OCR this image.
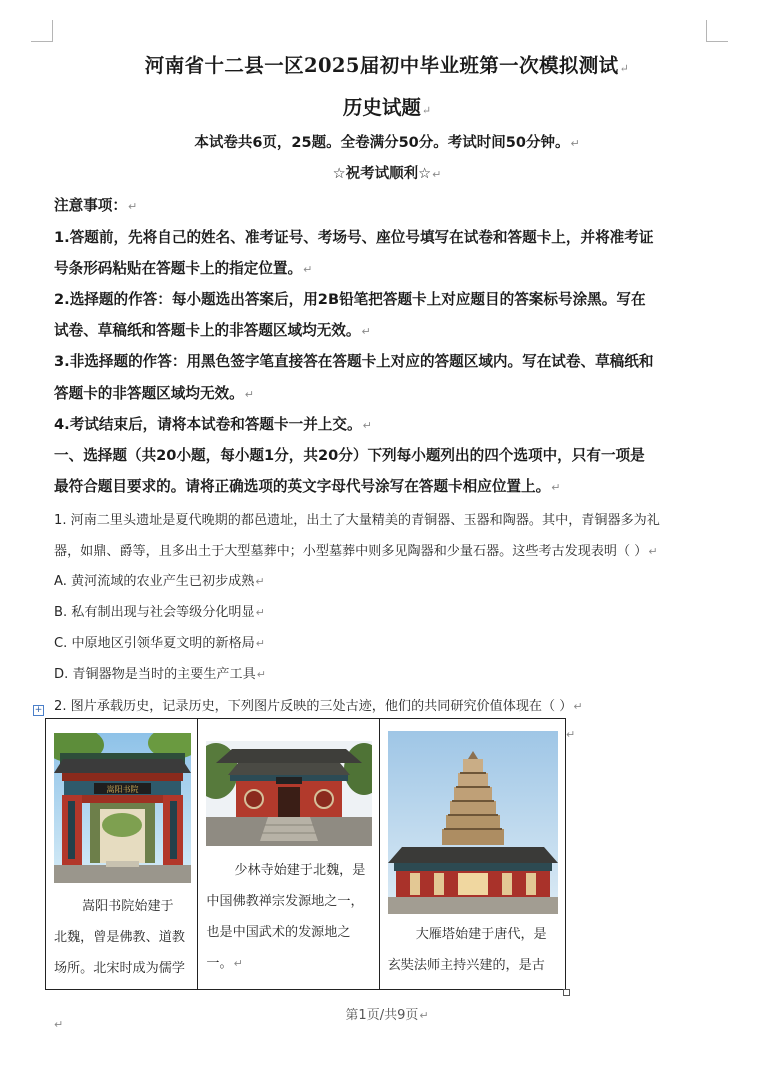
河南省十二县一区2025届初中毕业班第一次模拟测试↵
历史试题↵
本试卷共6页，25题。全卷满分50分。考试时间50分钟。↵
☆祝考试顺利☆↵
注意事项：↵
1.答题前，先将自己的姓名、准考证号、考场号、座位号填写在试卷和答题卡上，并将准考证
号条形码粘贴在答题卡上的指定位置。↵
2.选择题的作答：每小题选出答案后，用2B铅笔把答题卡上对应题目的答案标号涂黑。写在
试卷、草稿纸和答题卡上的非答题区域均无效。↵
3.非选择题的作答：用黑色签字笔直接答在答题卡上对应的答题区域内。写在试卷、草稿纸和
答题卡的非答题区域均无效。↵
4.考试结束后，请将本试卷和答题卡一并上交。↵
一、选择题（共20小题，每小题1分，共20分）下列每小题列出的四个选项中，只有一项是
最符合题目要求的。请将正确选项的英文字母代号涂写在答题卡相应位置上。↵
1. 河南二里头遗址是夏代晚期的都邑遗址，出土了大量精美的青铜器、玉器和陶器。其中，青铜器多为礼
器，如鼎、爵等，且多出土于大型墓葬中；小型墓葬中则多见陶器和少量石器。这些考古发现表明（ ）↵
A. 黄河流域的农业产生已初步成熟↵
B. 私有制出现与社会等级分化明显↵
C. 中原地区引领华夏文明的新格局↵
D. 青铜器物是当时的主要生产工具↵
2. 图片承载历史，记录历史，下列图片反映的三处古迹，他们的共同研究价值体现在（ ）↵
+
嵩阳书院
嵩阳书院始建于
北魏，曾是佛教、道教
场所。北宋时成为儒学
少林寺始建于北魏，是
中国佛教禅宗发源地之一，
也是中国武术的发源地之
一。↵
大雁塔始建于唐代，是
玄奘法师主持兴建的，是古
↵
第1页/共9页↵
↵
